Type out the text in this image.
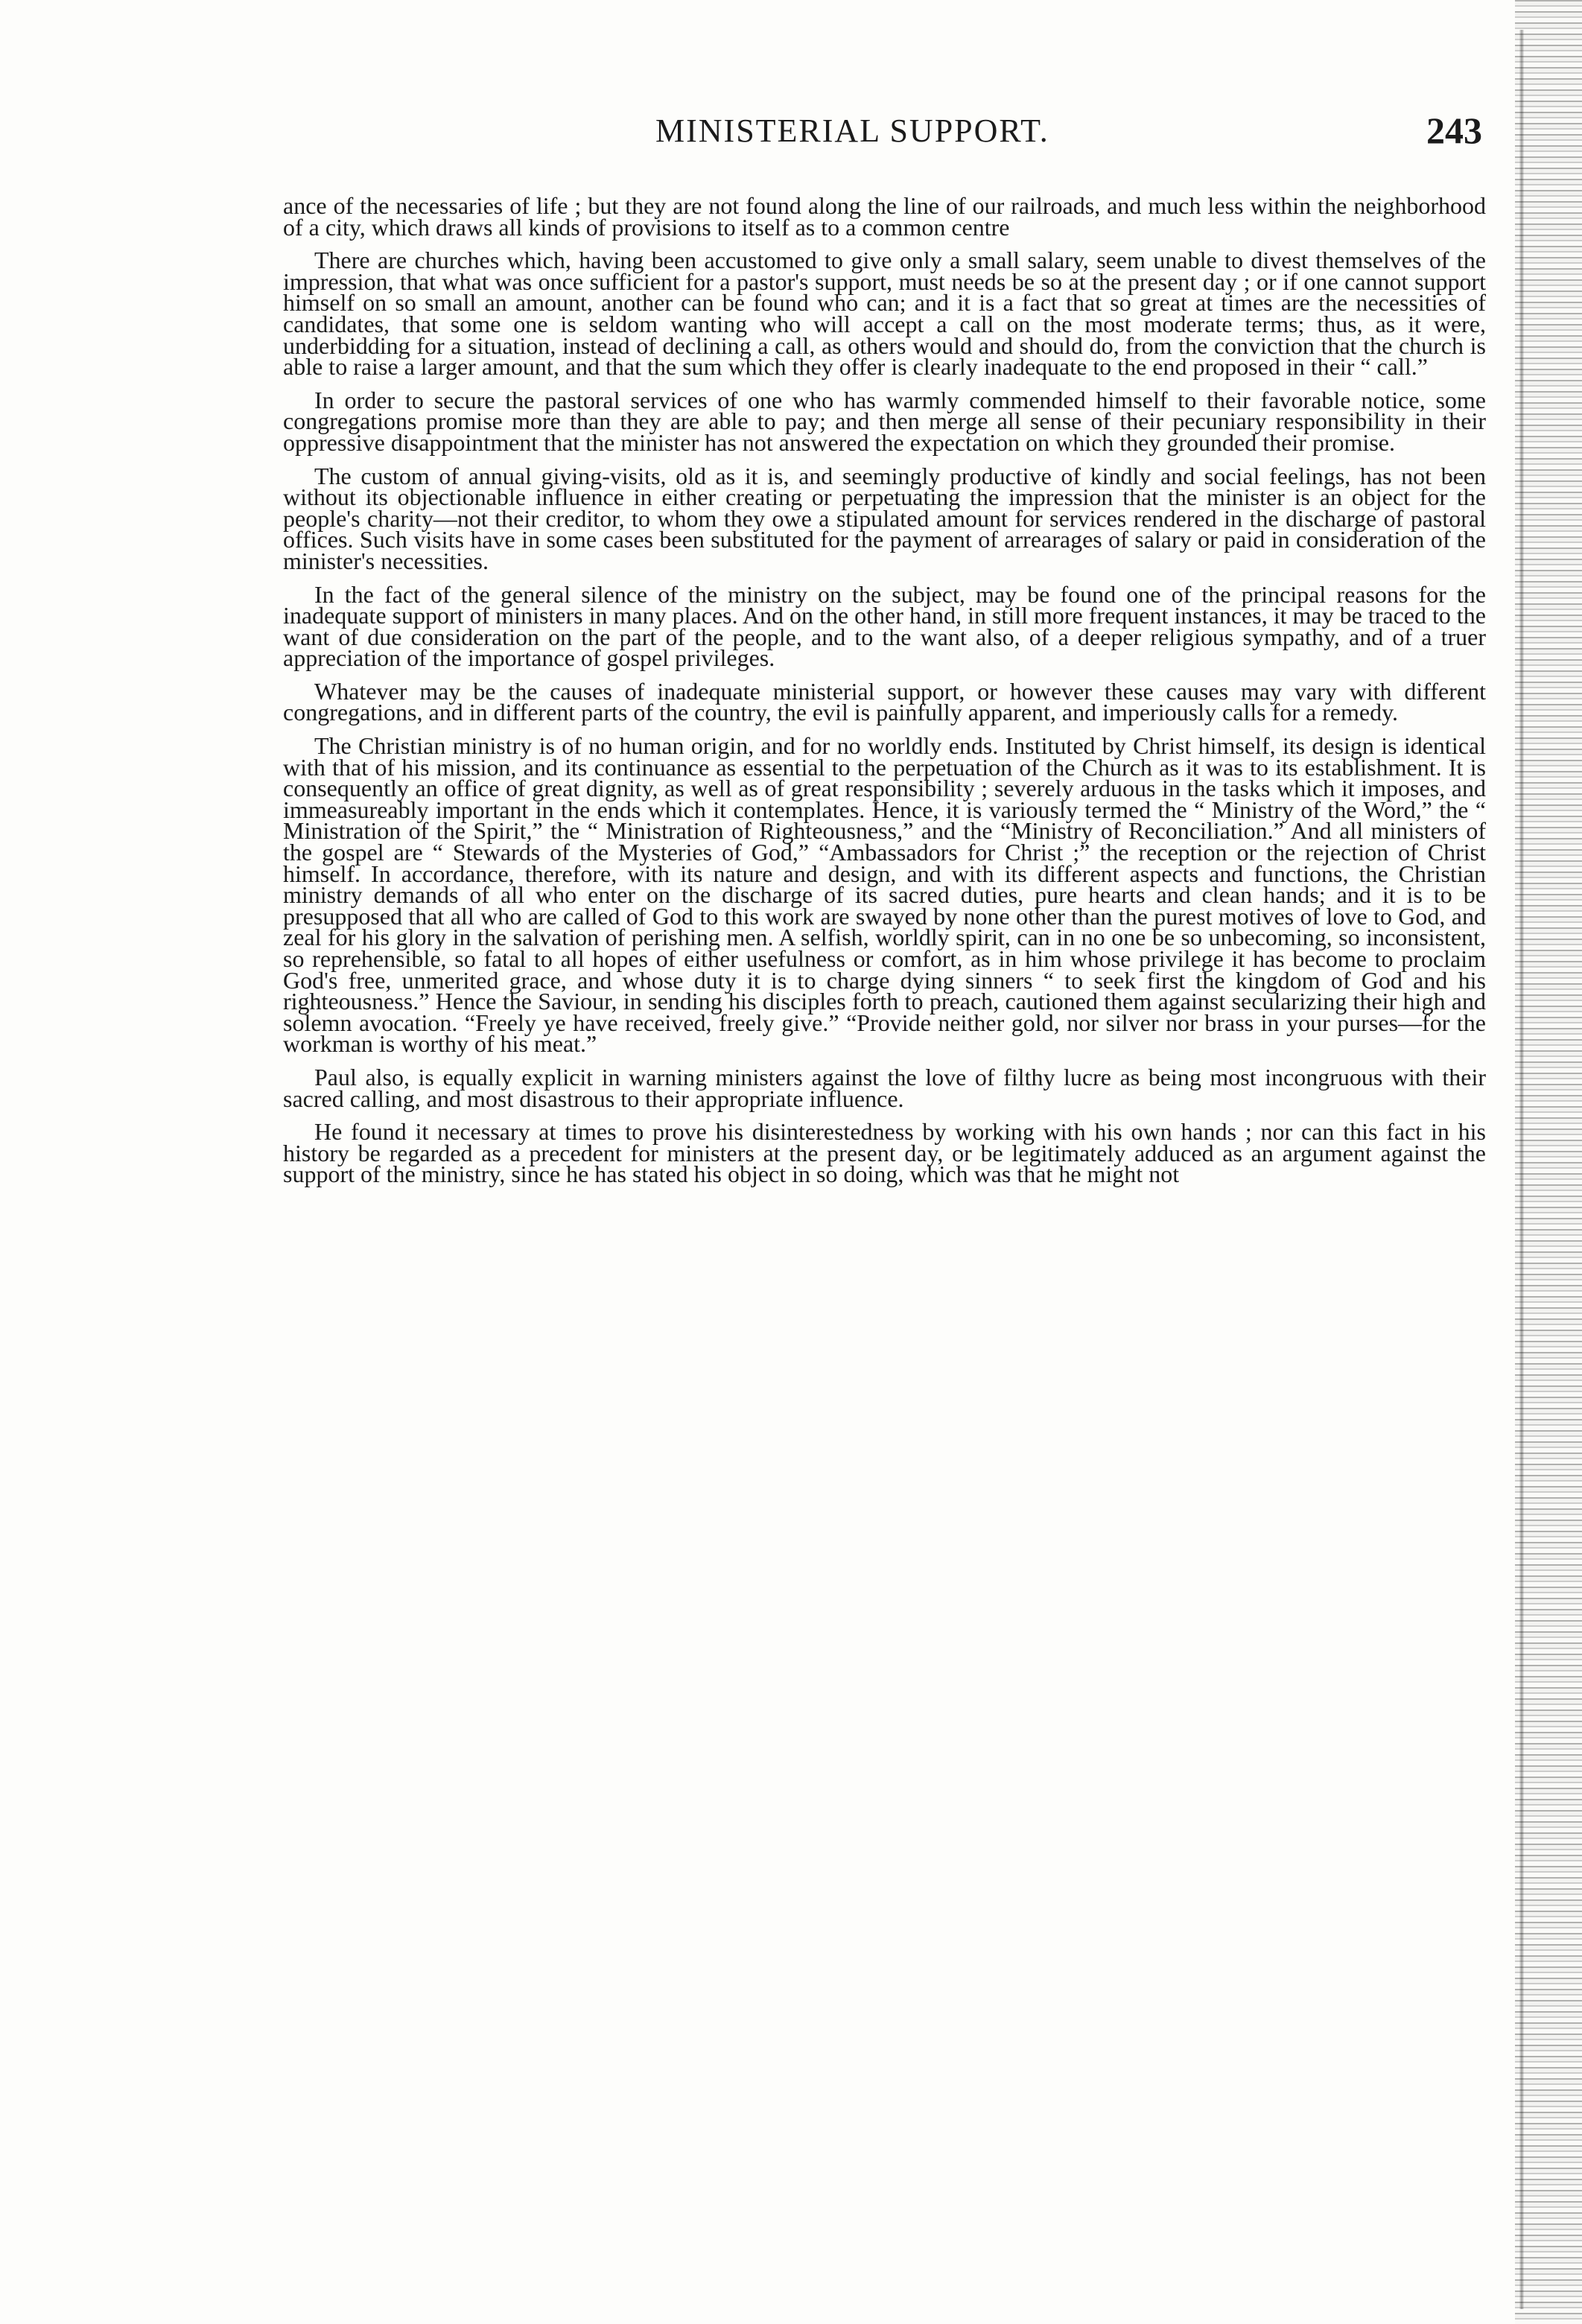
MINISTERIAL SUPPORT.	243

ance of the necessaries of life ; but they are not found along the line of our railroads, and much less within the neighborhood of a city, which draws all kinds of provisions to itself as to a common centre

There are churches which, having been accustomed to give only a small salary, seem unable to divest themselves of the impression, that what was once sufficient for a pastor's support, must needs be so at the present day ; or if one cannot support himself on so small an amount, another can be found who can; and it is a fact that so great at times are the necessities of candidates, that some one is seldom wanting who will accept a call on the most moderate terms; thus, as it were, underbidding for a situation, instead of declining a call, as others would and should do, from the conviction that the church is able to raise a larger amount, and that the sum which they offer is clearly inadequate to the end proposed in their “ call.”

In order to secure the pastoral services of one who has warmly commended himself to their favorable notice, some congregations promise more than they are able to pay; and then merge all sense of their pecuniary responsibility in their oppressive disappointment that the minister has not answered the expectation on which they grounded their promise.

The custom of annual giving-visits, old as it is, and seemingly productive of kindly and social feelings, has not been without its objectionable influence in either creating or perpetuating the impression that the minister is an object for the people's charity—not their creditor, to whom they owe a stipulated amount for services rendered in the discharge of pastoral offices. Such visits have in some cases been substituted for the payment of arrearages of salary or paid in consideration of the minister's necessities.

In the fact of the general silence of the ministry on the subject, may be found one of the principal reasons for the inadequate support of ministers in many places. And on the other hand, in still more frequent instances, it may be traced to the want of due consideration on the part of the people, and to the want also, of a deeper religious sympathy, and of a truer appreciation of the importance of gospel privileges.

Whatever may be the causes of inadequate ministerial support, or however these causes may vary with different congregations, and in different parts of the country, the evil is painfully apparent, and imperiously calls for a remedy.

The Christian ministry is of no human origin, and for no worldly ends. Instituted by Christ himself, its design is identical with that of his mission, and its continuance as essential to the perpetuation of the Church as it was to its establishment. It is consequently an office of great dignity, as well as of great responsibility ; severely arduous in the tasks which it imposes, and immeasureably important in the ends which it contemplates. Hence, it is variously termed the “ Ministry of the Word,” the “ Ministration of the Spirit,” the “ Ministration of Righteousness,” and the “Ministry of Reconciliation.” And all ministers of the gospel are “ Stewards of the Mysteries of God,” “Ambassadors for Christ ;” the reception or the rejection of Christ himself. In accordance, therefore, with its nature and design, and with its different aspects and functions, the Christian ministry demands of all who enter on the discharge of its sacred duties, pure hearts and clean hands; and it is to be presupposed that all who are called of God to this work are swayed by none other than the purest motives of love to God, and zeal for his glory in the salvation of perishing men. A selfish, worldly spirit, can in no one be so unbecoming, so inconsistent, so reprehensible, so fatal to all hopes of either usefulness or comfort, as in him whose privilege it has become to proclaim God's free, unmerited grace, and whose duty it is to charge dying sinners “ to seek first the kingdom of God and his righteousness.” Hence the Saviour, in sending his disciples forth to preach, cautioned them against secularizing their high and solemn avocation. “Freely ye have received, freely give.” “Provide neither gold, nor silver nor brass in your purses—for the workman is worthy of his meat.”

Paul also, is equally explicit in warning ministers against the love of filthy lucre as being most incongruous with their sacred calling, and most disastrous to their appropriate influence.

He found it necessary at times to prove his disinterestedness by working with his own hands ; nor can this fact in his history be regarded as a precedent for ministers at the present day, or be legitimately adduced as an argument against the support of the ministry, since he has stated his object in so doing, which was that he might not
